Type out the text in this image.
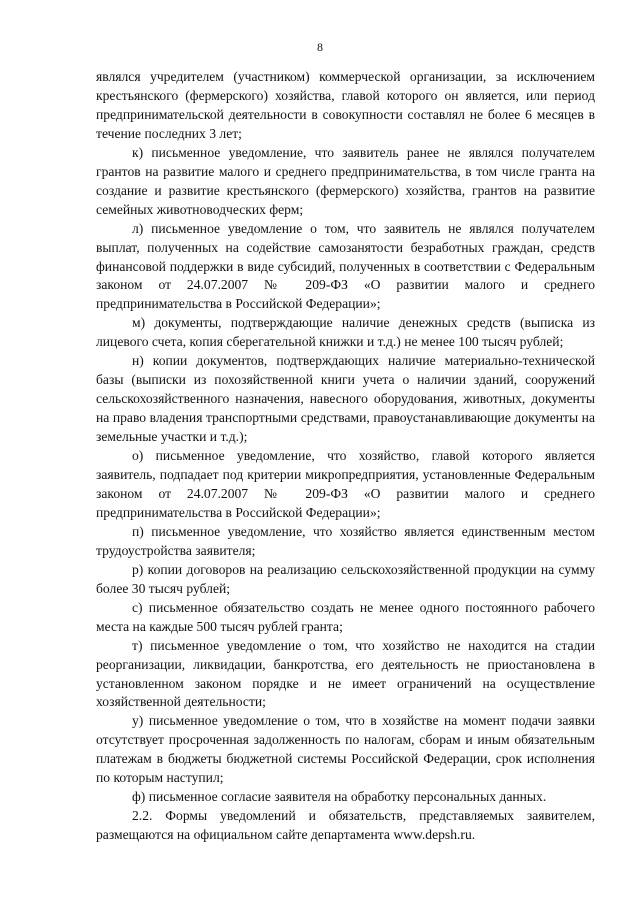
8

являлся учредителем (участником) коммерческой организации, за исключением крестьянского (фермерского) хозяйства, главой которого он является, или период предпринимательской деятельности в совокупности составлял не более 6 месяцев в течение последних 3 лет;

к) письменное уведомление, что заявитель ранее не являлся получателем грантов на развитие малого и среднего предпринимательства, в том числе гранта на создание и развитие крестьянского (фермерского) хозяйства, грантов на развитие семейных животноводческих ферм;

л) письменное уведомление о том, что заявитель не являлся получателем выплат, полученных на содействие самозанятости безработных граждан, средств финансовой поддержки в виде субсидий, полученных в соответствии с Федеральным законом от 24.07.2007 № 209-ФЗ «О развитии малого и среднего предпринимательства в Российской Федерации»;

м) документы, подтверждающие наличие денежных средств (выписка из лицевого счета, копия сберегательной книжки и т.д.) не менее 100 тысяч рублей;

н) копии документов, подтверждающих наличие материально-технической базы (выписки из похозяйственной книги учета о наличии зданий, сооружений сельскохозяйственного назначения, навесного оборудования, животных, документы на право владения транспортными средствами, правоустанавливающие документы на земельные участки и т.д.);

о) письменное уведомление, что хозяйство, главой которого является заявитель, подпадает под критерии микропредприятия, установленные Федеральным законом от 24.07.2007 № 209-ФЗ «О развитии малого и среднего предпринимательства в Российской Федерации»;

п) письменное уведомление, что хозяйство является единственным местом трудоустройства заявителя;

р) копии договоров на реализацию сельскохозяйственной продукции на сумму более 30 тысяч рублей;

с) письменное обязательство создать не менее одного постоянного рабочего места на каждые 500 тысяч рублей гранта;

т) письменное уведомление о том, что хозяйство не находится на стадии реорганизации, ликвидации, банкротства, его деятельность не приостановлена в установленном законом порядке и не имеет ограничений на осуществление хозяйственной деятельности;

у) письменное уведомление о том, что в хозяйстве на момент подачи заявки отсутствует просроченная задолженность по налогам, сборам и иным обязательным платежам в бюджеты бюджетной системы Российской Федерации, срок исполнения по которым наступил;

ф) письменное согласие заявителя на обработку персональных данных.

2.2. Формы уведомлений и обязательств, представляемых заявителем, размещаются на официальном сайте департамента www.depsh.ru.
